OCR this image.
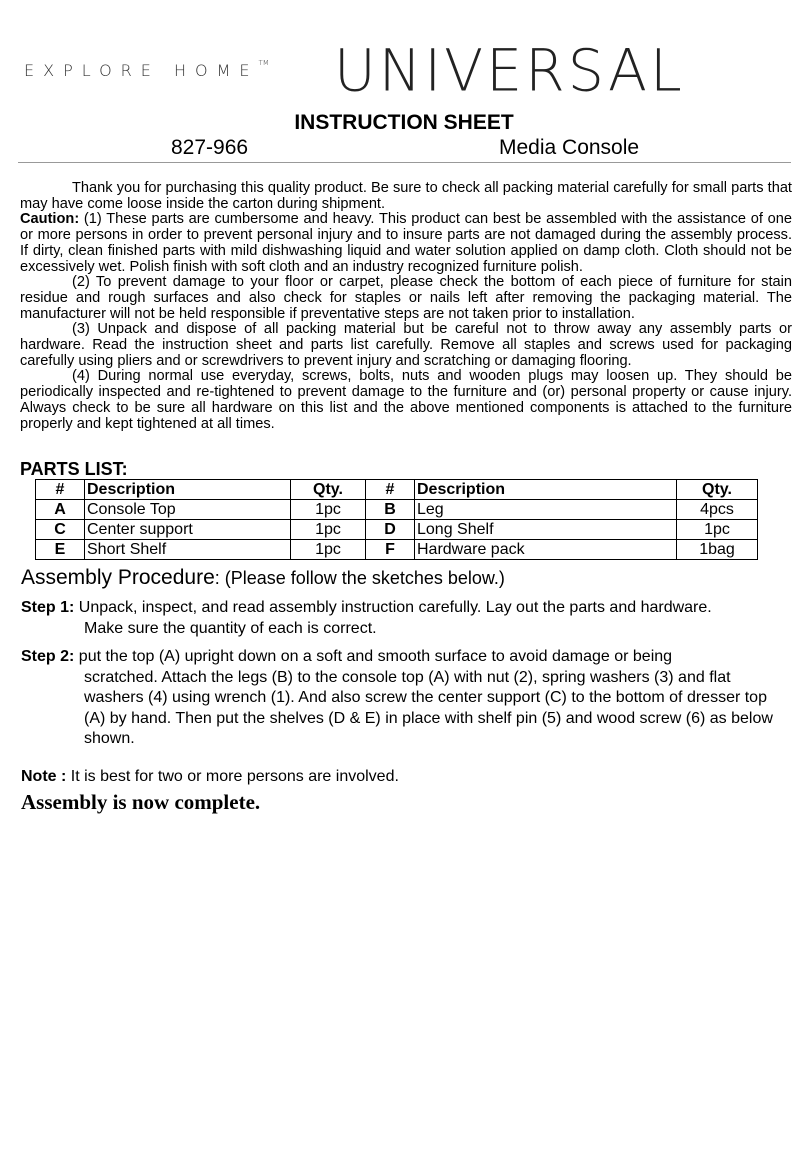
EXPLORE HOME™ UNIVERSAL
INSTRUCTION SHEET
827-966	Media Console

Thank you for purchasing this quality product. Be sure to check all packing material carefully for small parts that may have come loose inside the carton during shipment.

Caution: (1) These parts are cumbersome and heavy. This product can best be assembled with the assistance of one or more persons in order to prevent personal injury and to insure parts are not damaged during the assembly process. If dirty, clean finished parts with mild dishwashing liquid and water solution applied on damp cloth. Cloth should not be excessively wet. Polish finish with soft cloth and an industry recognized furniture polish.

(2) To prevent damage to your floor or carpet, please check the bottom of each piece of furniture for stain residue and rough surfaces and also check for staples or nails left after removing the packaging material. The manufacturer will not be held responsible if preventative steps are not taken prior to installation.

(3) Unpack and dispose of all packing material but be careful not to throw away any assembly parts or hardware. Read the instruction sheet and parts list carefully. Remove all staples and screws used for packaging carefully using pliers and or screwdrivers to prevent injury and scratching or damaging flooring.

(4) During normal use everyday, screws, bolts, nuts and wooden plugs may loosen up. They should be periodically inspected and re-tightened to prevent damage to the furniture and (or) personal property or cause injury. Always check to be sure all hardware on this list and the above mentioned components is attached to the furniture properly and kept tightened at all times.

PARTS LIST:
#	Description	Qty.	#	Description	Qty.
A	Console Top	1pc	B	Leg	4pcs
C	Center support	1pc	D	Long Shelf	1pc
E	Short Shelf	1pc	F	Hardware pack	1bag
Assembly Procedure: (Please follow the sketches below.)
Step 1: Unpack, inspect, and read assembly instruction carefully. Lay out the parts and hardware.
Make sure the quantity of each is correct.
Step 2: put the top (A) upright down on a soft and smooth surface to avoid damage or being
scratched. Attach the legs (B) to the console top (A) with nut (2), spring washers (3) and flat washers (4) using wrench (1). And also screw the center support (C) to the bottom of dresser top (A) by hand. Then put the shelves (D & E) in place with shelf pin (5) and wood screw (6) as below shown.
Note : It is best for two or more persons are involved.
Assembly is now complete.
